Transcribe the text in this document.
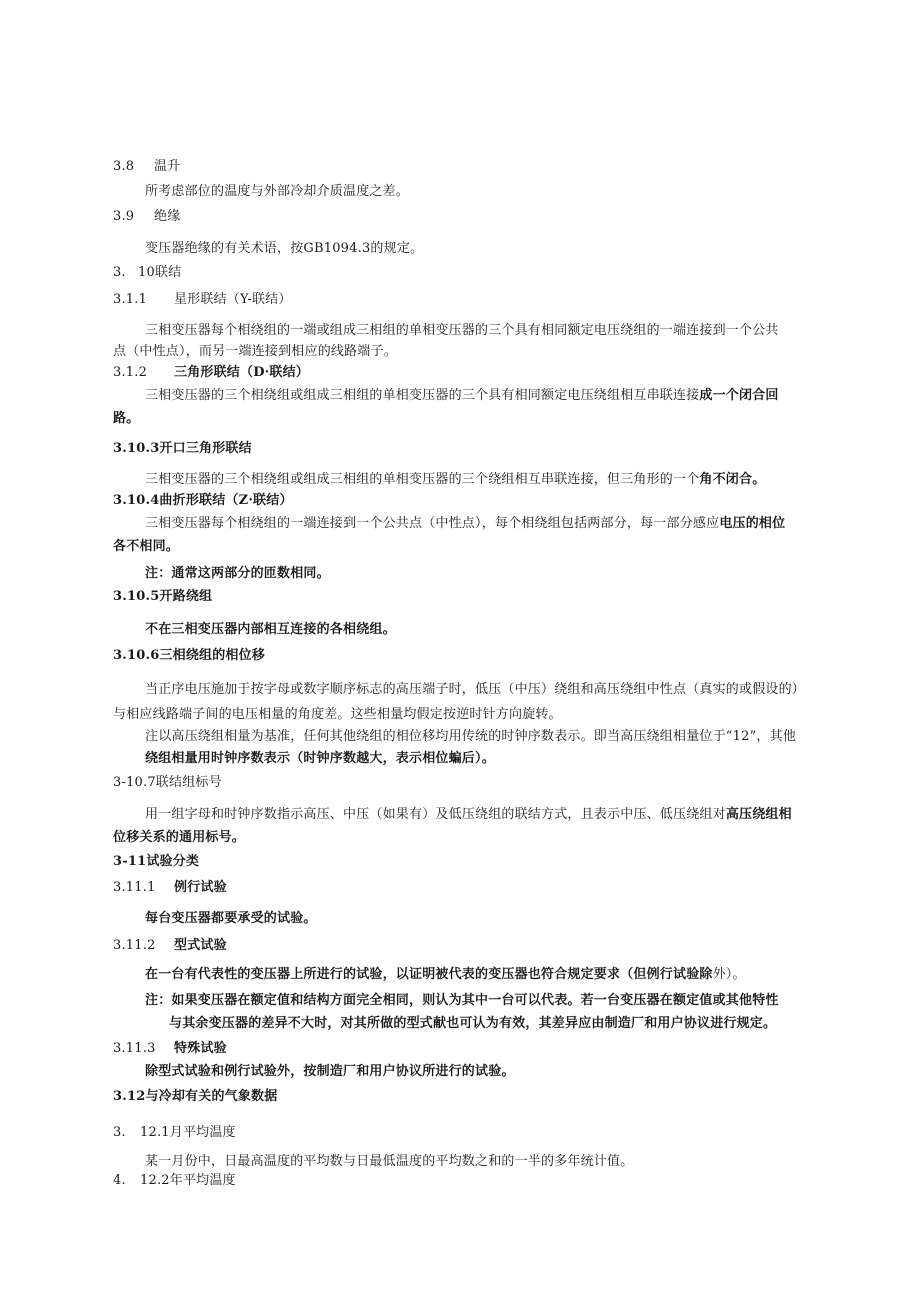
3.8 温升
所考虑部位的温度与外部冷却介质温度之差。
3.9 绝缘
变压器绝缘的有关术语，按GB1094.3的规定。
3. 10联结
3.1.1 星形联结（Y-联结）
三相变压器每个相绕组的一端或组成三相组的单相变压器的三个具有相同额定电压绕组的一端连接到一个公共
点（中性点），而另一端连接到相应的线路端子。
3.1.2 三角形联结（D·联结）
三相变压器的三个相绕组或组成三相组的单相变压器的三个具有相同额定电压绕组相互串联连接成一个闭合回
路。
3.10.3开口三角形联结
三相变压器的三个相绕组或组成三相组的单相变压器的三个绕组相互串联连接，但三角形的一个角不闭合。
3.10.4曲折形联结（Z·联结）
三相变压器每个相绕组的一端连接到一个公共点（中性点），每个相绕组包括两部分，每一部分感应电压的相位
各不相同。
注：通常这两部分的匝数相同。
3.10.5开路绕组
不在三相变压器内部相互连接的各相绕组。
3.10.6三相绕组的相位移
当正序电压施加于按字母或数字顺序标志的高压端子时，低压（中压）绕组和高压绕组中性点（真实的或假设的）
与相应线路端子间的电压相量的角度差。这些相量均假定按逆时针方向旋转。
注以高压绕组相量为基准，任何其他绕组的相位移均用传统的时钟序数表示。即当高压绕组相量位于“12”，其他
绕组相量用时钟序数表示（时钟序数越大，表示相位蝙后）。
3-10.7联结组标号
用一组字母和时钟序数指示高压、中压（如果有）及低压绕组的联结方式，且表示中压、低压绕组对高压绕组相
位移关系的通用标号。
3-11试验分类
3.11.1 例行试验
每台变压器都要承受的试验。
3.11.2 型式试验
在一台有代表性的变压器上所进行的试验，以证明被代表的变压器也符合规定要求（但例行试验除外）。
注：如果变压器在额定值和结构方面完全相同，则认为其中一台可以代表。若一台变压器在额定值或其他特性
与其余变压器的差异不大时，对其所做的型式献也可认为有效，其差异应由制造厂和用户协议进行规定。
3.11.3 特殊试验
除型式试验和例行试验外，按制造厂和用户协议所进行的试验。
3.12与冷却有关的气象数据
3. 12.1月平均温度
某一月份中，日最高温度的平均数与日最低温度的平均数之和的一半的多年统计值。
4. 12.2年平均温度
